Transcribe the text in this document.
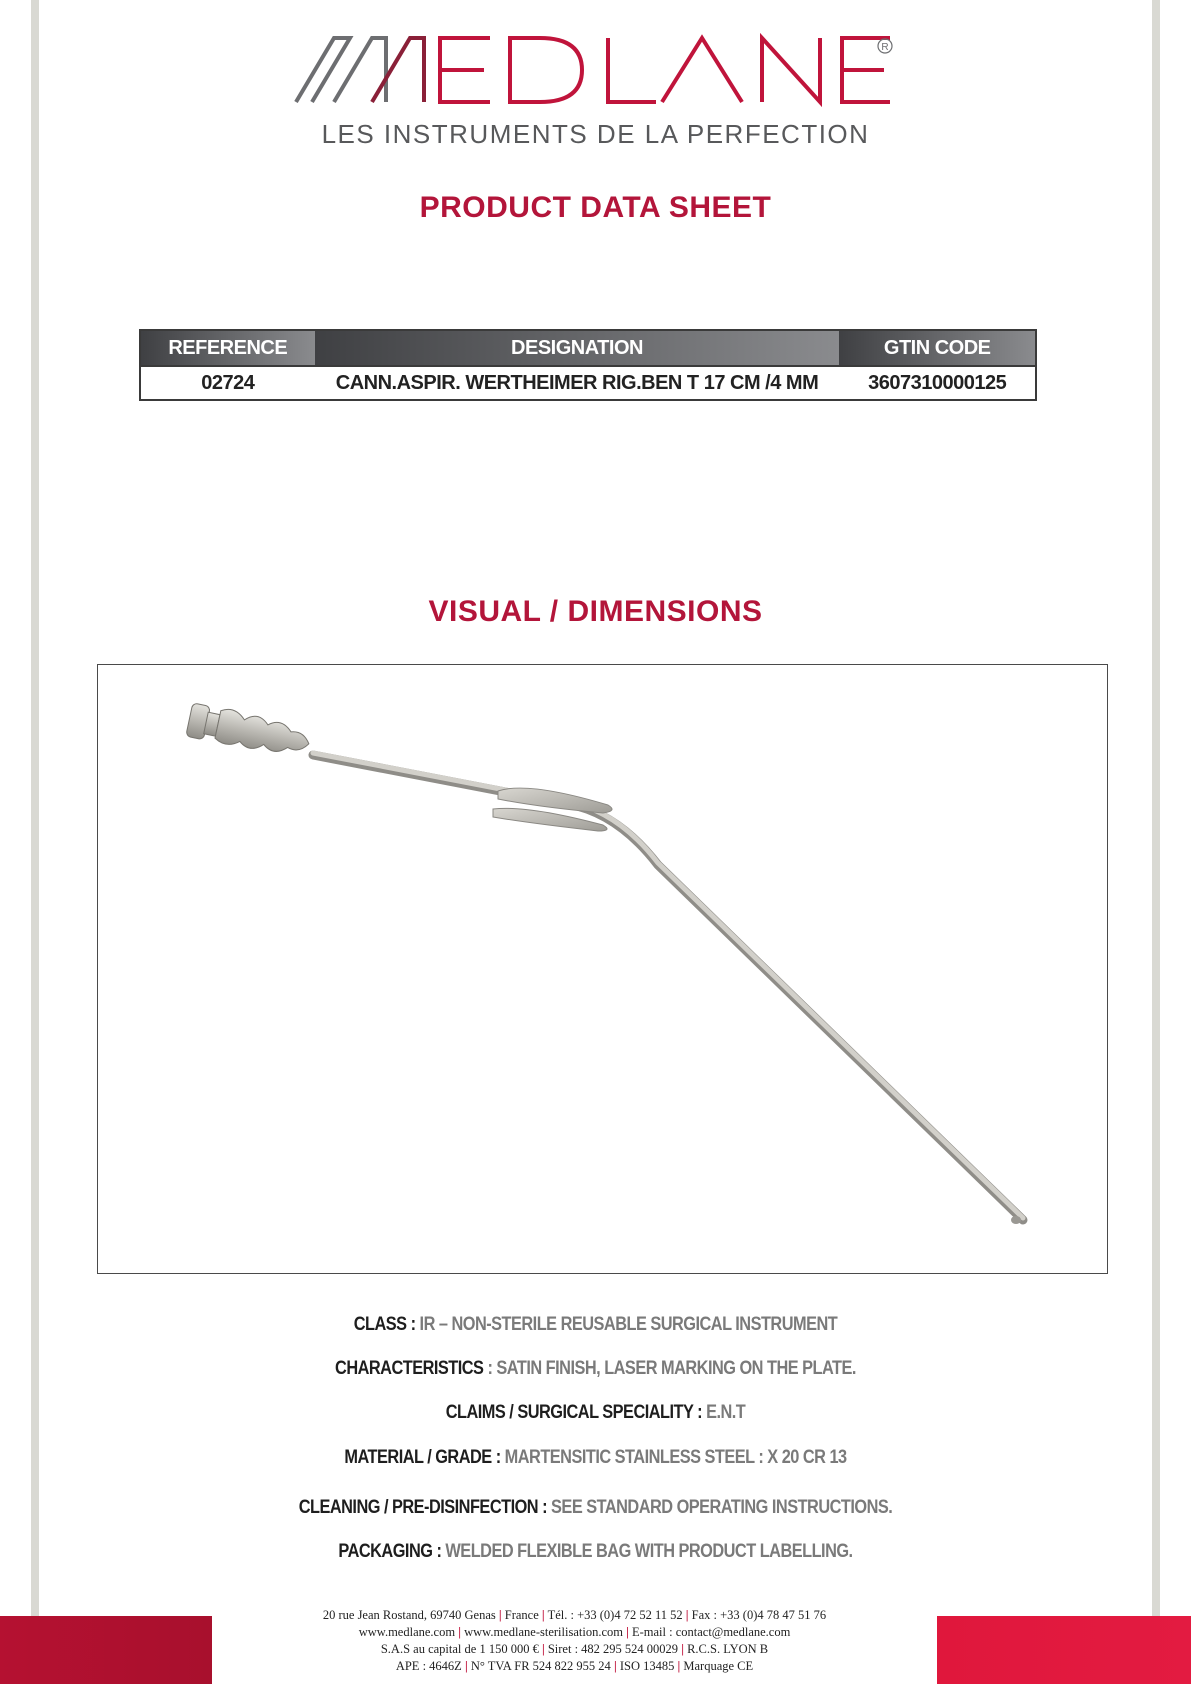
R
LES INSTRUMENTS DE LA PERFECTION
PRODUCT DATA SHEET
REFERENCE	DESIGNATION	GTIN CODE
02724	CANN.ASPIR. WERTHEIMER RIG.BEN T 17 CM /4 MM	3607310000125
VISUAL / DIMENSIONS
CLASS : IR – NON-STERILE REUSABLE SURGICAL INSTRUMENT
CHARACTERISTICS : SATIN FINISH, LASER MARKING ON THE PLATE.
CLAIMS / SURGICAL SPECIALITY : E.N.T
MATERIAL / GRADE : MARTENSITIC STAINLESS STEEL : X 20 CR 13
CLEANING / PRE-DISINFECTION : SEE STANDARD OPERATING INSTRUCTIONS.
PACKAGING : WELDED FLEXIBLE BAG WITH PRODUCT LABELLING.
20 rue Jean Rostand, 69740 Genas | France | Tél. : +33 (0)4 72 52 11 52 | Fax : +33 (0)4 78 47 51 76
www.medlane.com | www.medlane-sterilisation.com | E-mail : contact@medlane.com
S.A.S au capital de 1 150 000 € | Siret : 482 295 524 00029 | R.C.S. LYON B
APE : 4646Z | N° TVA FR 524 822 955 24 | ISO 13485 | Marquage CE
